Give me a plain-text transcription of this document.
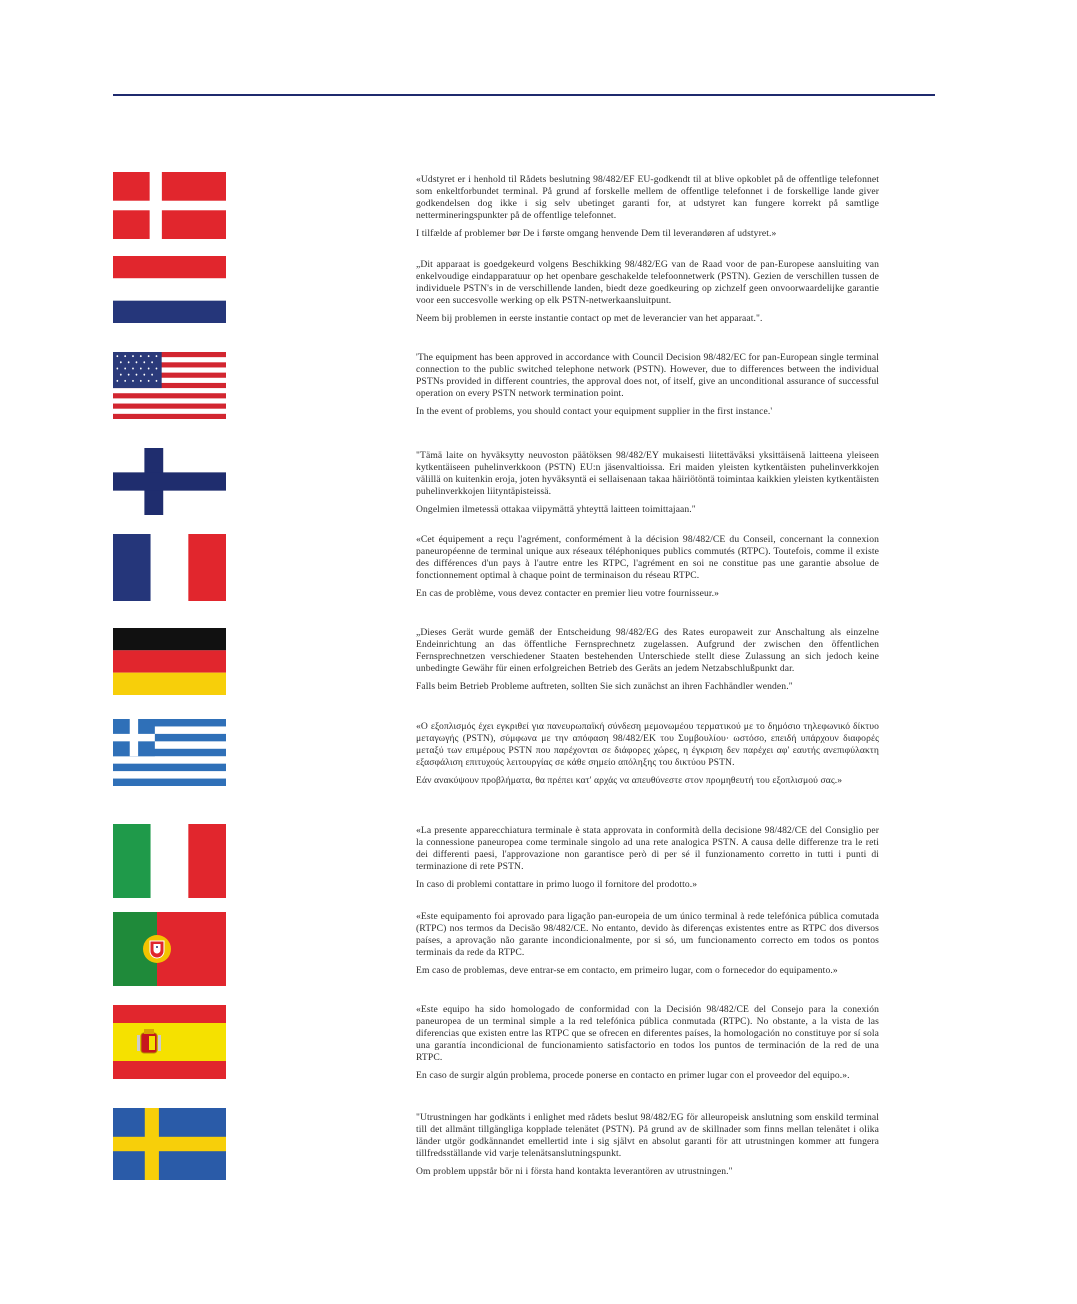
«Udstyret er i henhold til Rådets beslutning 98/482/EF EU-godkendt til at blive opkoblet på de offentlige telefonnet som enkeltforbundet terminal. På grund af forskelle mellem de offentlige telefonnet i de forskellige lande giver godkendelsen dog ikke i sig selv ubetinget garanti for, at udstyret kan fungere korrekt på samtlige nettermineringspunkter på de offentlige telefonnet.

I tilfælde af problemer bør De i første omgang henvende Dem til leverandøren af udstyret.»

„Dit apparaat is goedgekeurd volgens Beschikking 98/482/EG van de Raad voor de pan-Europese aansluiting van enkelvoudige eindapparatuur op het openbare geschakelde telefoonnetwerk (PSTN). Gezien de verschillen tussen de individuele PSTN's in de verschillende landen, biedt deze goedkeuring op zichzelf geen onvoorwaardelijke garantie voor een succesvolle werking op elk PSTN-netwerkaansluitpunt.

Neem bij problemen in eerste instantie contact op met de leverancier van het apparaat.".

'The equipment has been approved in accordance with Council Decision 98/482/EC for pan-European single terminal connection to the public switched telephone network (PSTN). However, due to differences between the individual PSTNs provided in different countries, the approval does not, of itself, give an unconditional assurance of successful operation on every PSTN network termination point.

In the event of problems, you should contact your equipment supplier in the first instance.'

"Tämä laite on hyväksytty neuvoston päätöksen 98/482/EY mukaisesti liitettäväksi yksittäisenä laitteena yleiseen kytkentäiseen puhelinverkkoon (PSTN) EU:n jäsenvaltioissa. Eri maiden yleisten kytkentäisten puhelinverkkojen välillä on kuitenkin eroja, joten hyväksyntä ei sellaisenaan takaa häiriötöntä toimintaa kaikkien yleisten kytkentäisten puhelinverkkojen liityntäpisteissä.

Ongelmien ilmetessä ottakaa viipymättä yhteyttä laitteen toimittajaan."

«Cet équipement a reçu l'agrément, conformément à la décision 98/482/CE du Conseil, concernant la connexion paneuropéenne de terminal unique aux réseaux téléphoniques publics commutés (RTPC). Toutefois, comme il existe des différences d'un pays à l'autre entre les RTPC, l'agrément en soi ne constitue pas une garantie absolue de fonctionnement optimal à chaque point de terminaison du réseau RTPC.

En cas de problème, vous devez contacter en premier lieu votre fournisseur.»

„Dieses Gerät wurde gemäß der Entscheidung 98/482/EG des Rates europaweit zur Anschaltung als einzelne Endeinrichtung an das öffentliche Fernsprechnetz zugelassen. Aufgrund der zwischen den öffentlichen Fernsprechnetzen verschiedener Staaten bestehenden Unterschiede stellt diese Zulassung an sich jedoch keine unbedingte Gewähr für einen erfolgreichen Betrieb des Geräts an jedem Netzabschlußpunkt dar.

Falls beim Betrieb Probleme auftreten, sollten Sie sich zunächst an ihren Fachhändler wenden."

«Ο εξοπλισμός έχει εγκριθεί για πανευρωπαϊκή σύνδεση μεμονωμέου τερματικού με το δημόσιο τηλεφωνικό δίκτυο μεταγωγής (PSTN), σύμφωνα με την απόφαση 98/482/ΕΚ του Συμβουλίου· ωστόσο, επειδή υπάρχουν διαφορές μεταξύ των επιμέρους PSTN που παρέχονται σε διάφορες χώρες, η έγκριση δεν παρέχει αφ' εαυτής ανεπιφύλακτη εξασφάλιση επιτυχούς λειτουργίας σε κάθε σημείο απόληξης του δικτύου PSTN.

Εάν ανακύψουν προβλήματα, θα πρέπει κατ' αρχάς να απευθύνεστε στον προμηθευτή του εξοπλισμού σας.»

«La presente apparecchiatura terminale è stata approvata in conformità della decisione 98/482/CE del Consiglio per la connessione paneuropea come terminale singolo ad una rete analogica PSTN. A causa delle differenze tra le reti dei differenti paesi, l'approvazione non garantisce però di per sé il funzionamento corretto in tutti i punti di terminazione di rete PSTN.

In caso di problemi contattare in primo luogo il fornitore del prodotto.»

«Este equipamento foi aprovado para ligação pan-europeia de um único terminal à rede telefónica pública comutada (RTPC) nos termos da Decisão 98/482/CE. No entanto, devido às diferenças existentes entre as RTPC dos diversos países, a aprovação não garante incondicionalmente, por si só, um funcionamento correcto em todos os pontos terminais da rede da RTPC.

Em caso de problemas, deve entrar-se em contacto, em primeiro lugar, com o fornecedor do equipamento.»

«Este equipo ha sido homologado de conformidad con la Decisión 98/482/CE del Consejo para la conexión paneuropea de un terminal simple a la red telefónica pública conmutada (RTPC). No obstante, a la vista de las diferencias que existen entre las RTPC que se ofrecen en diferentes países, la homologación no constituye por sí sola una garantía incondicional de funcionamiento satisfactorio en todos los puntos de terminación de la red de una RTPC.

En caso de surgir algún problema, procede ponerse en contacto en primer lugar con el proveedor del equipo.».

"Utrustningen har godkänts i enlighet med rådets beslut 98/482/EG för alleuropeisk anslutning som enskild terminal till det allmänt tillgängliga kopplade telenätet (PSTN). På grund av de skillnader som finns mellan telenätet i olika länder utgör godkännandet emellertid inte i sig självt en absolut garanti för att utrustningen kommer att fungera tillfredsställande vid varje telenätsanslutningspunkt.

Om problem uppstår bör ni i första hand kontakta leverantören av utrustningen."
